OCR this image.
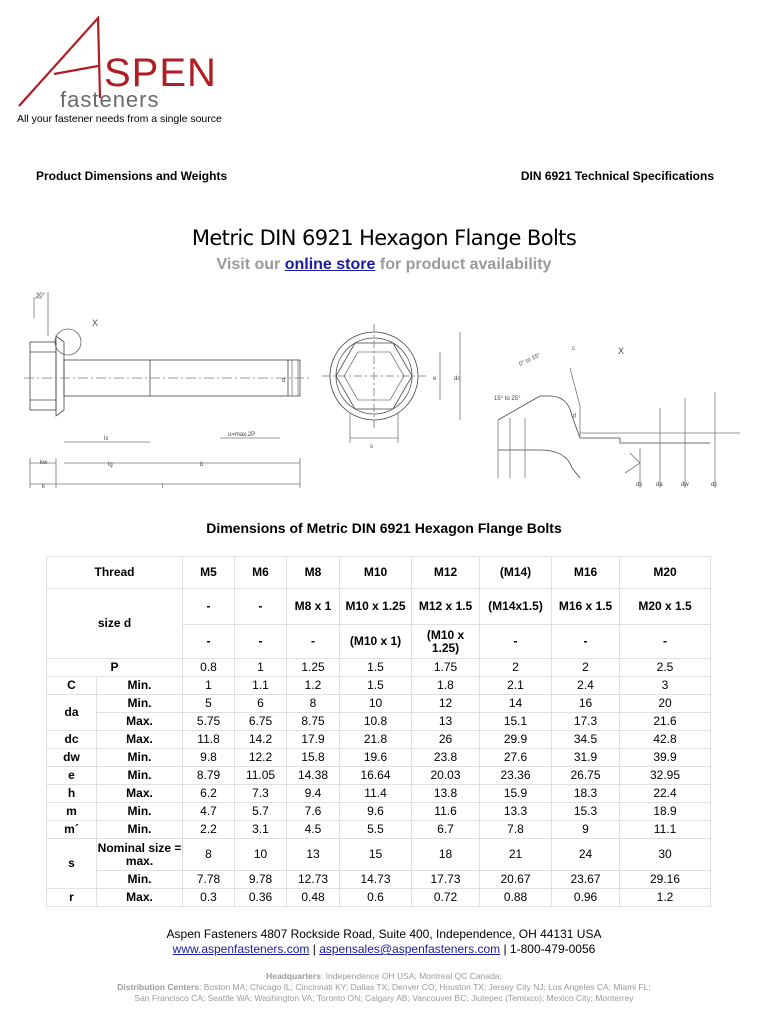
SPEN
fasteners
All your fastener needs from a single source
Product Dimensions and Weights	DIN 6921 Technical Specifications
Metric DIN 6921 Hexagon Flange Bolts
Visit our online store for product availability
X
d
ls
lg	b
kw
k	l
u=max.2P
30°
s
e	dc
X
0° to 15°
15° to 25°
c
lf
ds da	dw	dc
Dimensions of Metric DIN 6921 Hexagon Flange Bolts
Thread		M5	M6	M8	M10	M12	(M14)	M16	M20
size d		-	-	M8 x 1	M10 x 1.25	M12 x 1.5	(M14x1.5)	M16 x 1.5	M20 x 1.5
		-	-	-	(M10 x 1)	(M10 x 1.25)	-	-	-
P		0.8	1	1.25	1.5	1.75	2	2	2.5
C	Min.	1	1.1	1.2	1.5	1.8	2.1	2.4	3
da	Min.	5	6	8	10	12	14	16	20
	Max.	5.75	6.75	8.75	10.8	13	15.1	17.3	21.6
dc	Max.	11.8	14.2	17.9	21.8	26	29.9	34.5	42.8
dw	Min.	9.8	12.2	15.8	19.6	23.8	27.6	31.9	39.9
e	Min.	8.79	11.05	14.38	16.64	20.03	23.36	26.75	32.95
h	Max.	6.2	7.3	9.4	11.4	13.8	15.9	18.3	22.4
m	Min.	4.7	5.7	7.6	9.6	11.6	13.3	15.3	18.9
m´	Min.	2.2	3.1	4.5	5.5	6.7	7.8	9	11.1
s	Nominal size = max.	8	10	13	15	18	21	24	30
	Min.	7.78	9.78	12.73	14.73	17.73	20.67	23.67	29.16
r	Max.	0.3	0.36	0.48	0.6	0.72	0.88	0.96	1.2
Aspen Fasteners 4807 Rockside Road, Suite 400, Independence, OH 44131 USA
www.aspenfasteners.com | aspensales@aspenfasteners.com | 1-800-479-0056
Headquarters: Independence OH USA; Montreal QC Canada;
Distribution Centers: Boston MA; Chicago IL; Cincinnati KY; Dallas TX; Denver CO; Houston TX; Jersey City NJ; Los Angeles CA; Miami FL;
San Francisco CA; Seattle WA; Washington VA; Toronto ON; Calgary AB; Vancouver BC; Jiutepec (Temixco); Mexico City; Monterrey
